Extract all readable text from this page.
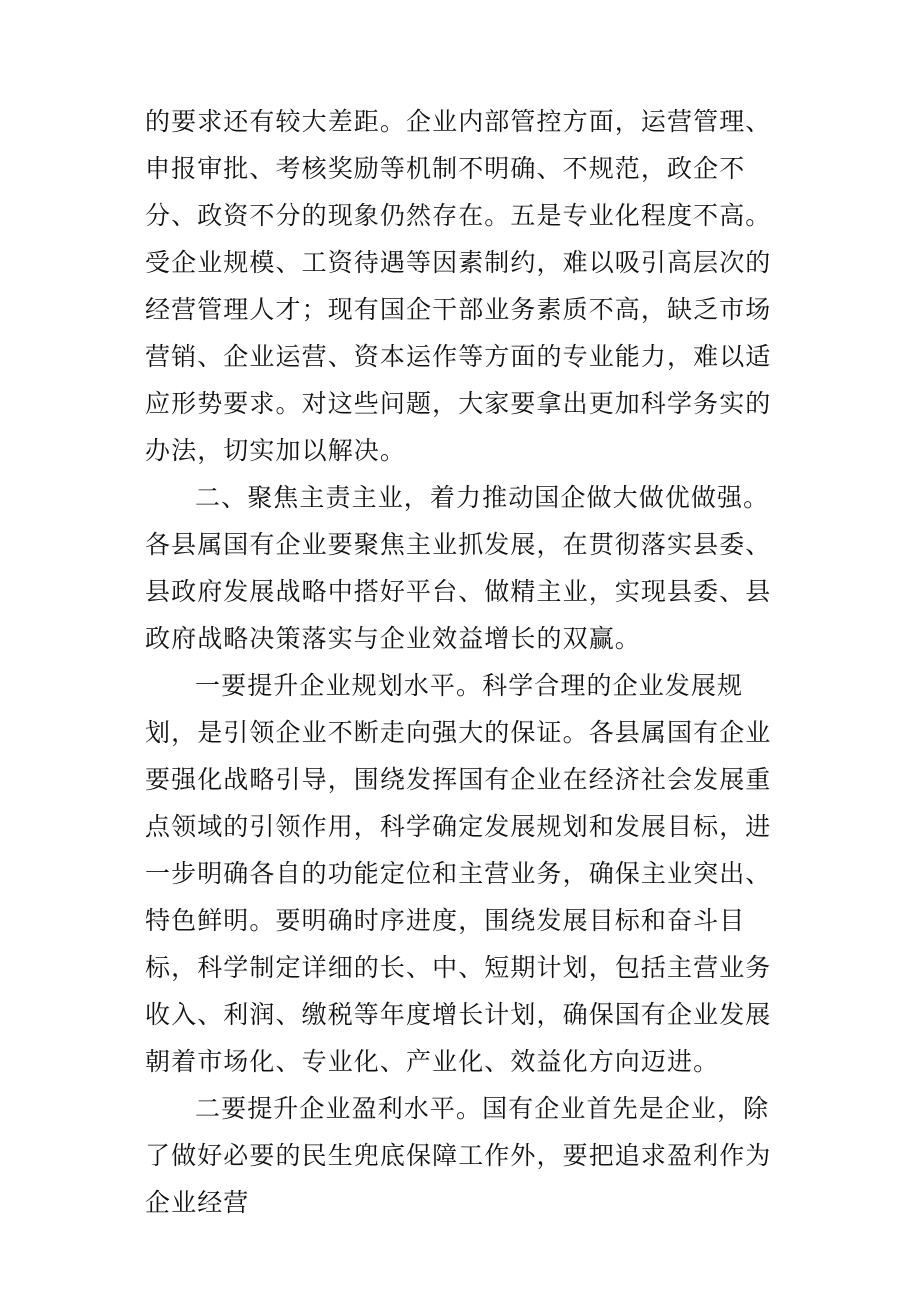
的要求还有较大差距。企业内部管控方面，运营管理、申报审批、考核奖励等机制不明确、不规范，政企不分、政资不分的现象仍然存在。五是专业化程度不高。受企业规模、工资待遇等因素制约，难以吸引高层次的经营管理人才；现有国企干部业务素质不高，缺乏市场营销、企业运营、资本运作等方面的专业能力，难以适应形势要求。对这些问题，大家要拿出更加科学务实的办法，切实加以解决。

二、聚焦主责主业，着力推动国企做大做优做强。各县属国有企业要聚焦主业抓发展，在贯彻落实县委、县政府发展战略中搭好平台、做精主业，实现县委、县政府战略决策落实与企业效益增长的双赢。

一要提升企业规划水平。科学合理的企业发展规划，是引领企业不断走向强大的保证。各县属国有企业要强化战略引导，围绕发挥国有企业在经济社会发展重点领域的引领作用，科学确定发展规划和发展目标，进一步明确各自的功能定位和主营业务，确保主业突出、特色鲜明。要明确时序进度，围绕发展目标和奋斗目标，科学制定详细的长、中、短期计划，包括主营业务收入、利润、缴税等年度增长计划，确保国有企业发展朝着市场化、专业化、产业化、效益化方向迈进。

二要提升企业盈利水平。国有企业首先是企业，除了做好必要的民生兜底保障工作外，要把追求盈利作为企业经营
